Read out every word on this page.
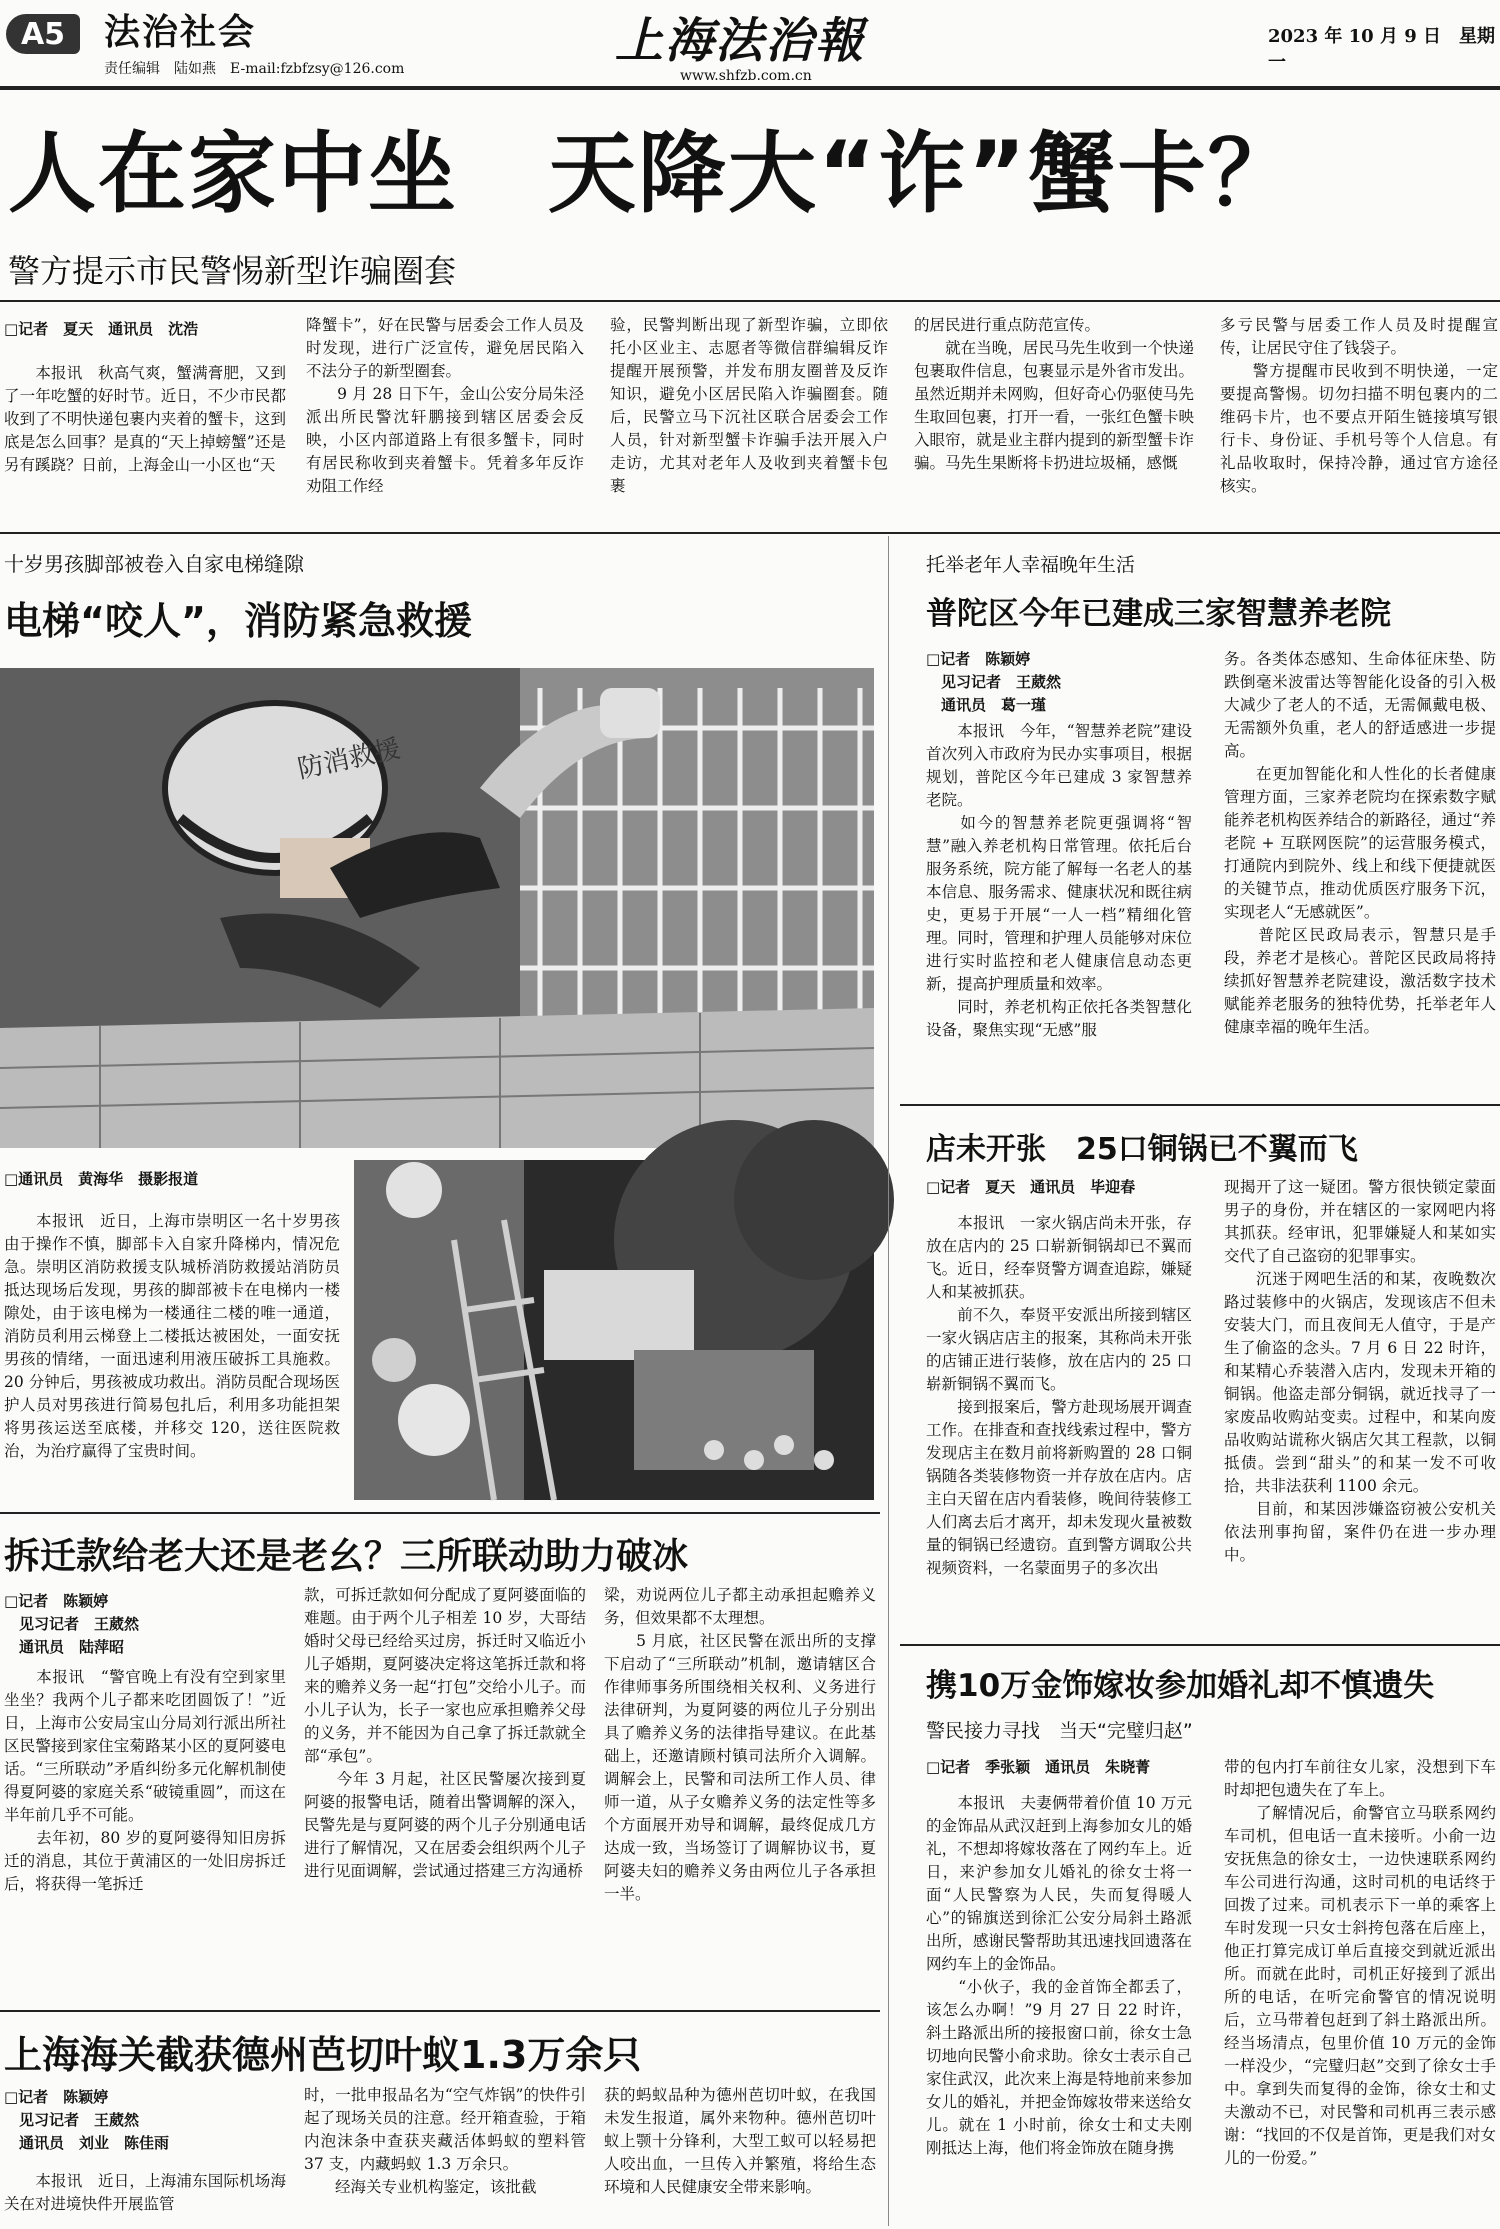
A5	法治社会
责任编辑　陆如燕　E-mail:fzbfzsy@126.com	上海法治報
www.shfzb.com.cn
2023 年 10 月 9 日　星期一
人在家中坐　天降大“诈”蟹卡？
警方提示市民警惕新型诈骗圈套
□记者　夏天　通讯员　沈浩
　　本报讯　秋高气爽，蟹满膏肥，又到了一年吃蟹的好时节。近日，不少市民都收到了不明快递包裹内夹着的蟹卡，这到底是怎么回事？是真的“天上掉螃蟹”还是另有蹊跷？日前，上海金山一小区也“天
降蟹卡”，好在民警与居委会工作人员及时发现，进行广泛宣传，避免居民陷入不法分子的新型圈套。
　　9 月 28 日下午，金山公安分局朱泾派出所民警沈轩鹏接到辖区居委会反映，小区内部道路上有很多蟹卡，同时有居民称收到夹着蟹卡。凭着多年反诈劝阻工作经
验，民警判断出现了新型诈骗，立即依托小区业主、志愿者等微信群编辑反诈提醒开展预警，并发布朋友圈普及反诈知识，避免小区居民陷入诈骗圈套。随后，民警立马下沉社区联合居委会工作人员，针对新型蟹卡诈骗手法开展入户走访，尤其对老年人及收到夹着蟹卡包裹
的居民进行重点防范宣传。
　　就在当晚，居民马先生收到一个快递包裹取件信息，包裹显示是外省市发出。虽然近期并未网购，但好奇心仍驱使马先生取回包裹，打开一看，一张红色蟹卡映入眼帘，就是业主群内提到的新型蟹卡诈骗。马先生果断将卡扔进垃圾桶，感慨
多亏民警与居委工作人员及时提醒宣传，让居民守住了钱袋子。
　　警方提醒市民收到不明快递，一定要提高警惕。切勿扫描不明包裹内的二维码卡片，也不要点开陌生链接填写银行卡、身份证、手机号等个人信息。有礼品收取时，保持冷静，通过官方途径核实。
十岁男孩脚部被卷入自家电梯缝隙
电梯“咬人”，消防紧急救援
防消救援
□通讯员　黄海华　摄影报道
　　本报讯　近日，上海市崇明区一名十岁男孩由于操作不慎，脚部卡入自家升降梯内，情况危急。崇明区消防救援支队城桥消防救援站消防员抵达现场后发现，男孩的脚部被卡在电梯内一楼隙处，由于该电梯为一楼通往二楼的唯一通道，消防员利用云梯登上二楼抵达被困处，一面安抚男孩的情绪，一面迅速利用液压破拆工具施救。20 分钟后，男孩被成功救出。消防员配合现场医护人员对男孩进行简易包扎后，利用多功能担架将男孩运送至底楼，并移交 120，送往医院救治，为治疗赢得了宝贵时间。
拆迁款给老大还是老幺？三所联动助力破冰
□记者　陈颖婷
　见习记者　王葳然
　通讯员　陆萍昭
　　本报讯　“警官晚上有没有空到家里坐坐？我两个儿子都来吃团圆饭了！”近日，上海市公安局宝山分局刘行派出所社区民警接到家住宝菊路某小区的夏阿婆电话。“三所联动”矛盾纠纷多元化解机制使得夏阿婆的家庭关系“破镜重圆”，而这在半年前几乎不可能。
　　去年初，80 岁的夏阿婆得知旧房拆迁的消息，其位于黄浦区的一处旧房拆迁后，将获得一笔拆迁
款，可拆迁款如何分配成了夏阿婆面临的难题。由于两个儿子相差 10 岁，大哥结婚时父母已经给买过房，拆迁时又临近小儿子婚期，夏阿婆决定将这笔拆迁款和将来的赡养义务一起“打包”交给小儿子。而小儿子认为，长子一家也应承担赡养父母的义务，并不能因为自己拿了拆迁款就全部“承包”。
　　今年 3 月起，社区民警屡次接到夏阿婆的报警电话，随着出警调解的深入，民警先是与夏阿婆的两个儿子分别通电话进行了解情况，又在居委会组织两个儿子进行见面调解，尝试通过搭建三方沟通桥
梁，劝说两位儿子都主动承担起赡养义务，但效果都不太理想。
　　5 月底，社区民警在派出所的支撑下启动了“三所联动”机制，邀请辖区合作律师事务所围绕相关权利、义务进行法律研判，为夏阿婆的两位儿子分别出具了赡养义务的法律指导建议。在此基础上，还邀请顾村镇司法所介入调解。调解会上，民警和司法所工作人员、律师一道，从子女赡养义务的法定性等多个方面展开劝导和调解，最终促成几方达成一致，当场签订了调解协议书，夏阿婆夫妇的赡养义务由两位儿子各承担一半。
上海海关截获德州芭切叶蚁1.3万余只
□记者　陈颖婷
　见习记者　王葳然
　通讯员　刘业　陈佳雨
　　本报讯　近日，上海浦东国际机场海关在对进境快件开展监管
时，一批申报品名为“空气炸锅”的快件引起了现场关员的注意。经开箱查验，于箱内泡沫条中查获夹藏活体蚂蚁的塑料管 37 支，内藏蚂蚁 1.3 万余只。
　　经海关专业机构鉴定，该批截
获的蚂蚁品种为德州芭切叶蚁，在我国未发生报道，属外来物种。德州芭切叶蚁上颚十分锋利，大型工蚁可以轻易把人咬出血，一旦传入并繁殖，将给生态环境和人民健康安全带来影响。
托举老年人幸福晚年生活
普陀区今年已建成三家智慧养老院
□记者　陈颖婷
　见习记者　王葳然
　通讯员　葛一瑾
　　本报讯　今年，“智慧养老院”建设首次列入市政府为民办实事项目，根据规划，普陀区今年已建成 3 家智慧养老院。
　　如今的智慧养老院更强调将“智慧”融入养老机构日常管理。依托后台服务系统，院方能了解每一名老人的基本信息、服务需求、健康状况和既往病史，更易于开展“一人一档”精细化管理。同时，管理和护理人员能够对床位进行实时监控和老人健康信息动态更新，提高护理质量和效率。
　　同时，养老机构正依托各类智慧化设备，聚焦实现“无感”服
务。各类体态感知、生命体征床垫、防跌倒毫米波雷达等智能化设备的引入极大减少了老人的不适，无需佩戴电极、无需额外负重，老人的舒适感进一步提高。
　　在更加智能化和人性化的长者健康管理方面，三家养老院均在探索数字赋能养老机构医养结合的新路径，通过“养老院 + 互联网医院”的运营服务模式，打通院内到院外、线上和线下便捷就医的关键节点，推动优质医疗服务下沉，实现老人“无感就医”。
　　普陀区民政局表示，智慧只是手段，养老才是核心。普陀区民政局将持续抓好智慧养老院建设，激活数字技术赋能养老服务的独特优势，托举老年人健康幸福的晚年生活。
店未开张　25口铜锅已不翼而飞
□记者　夏天　通讯员　毕迎春
　　本报讯　一家火锅店尚未开张，存放在店内的 25 口崭新铜锅却已不翼而飞。近日，经奉贤警方调查追踪，嫌疑人和某被抓获。
　　前不久，奉贤平安派出所接到辖区一家火锅店店主的报案，其称尚未开张的店铺正进行装修，放在店内的 25 口崭新铜锅不翼而飞。
　　接到报案后，警方赴现场展开调查工作。在排查和查找线索过程中，警方发现店主在数月前将新购置的 28 口铜锅随各类装修物资一并存放在店内。店主白天留在店内看装修，晚间待装修工人们离去后才离开，却未发现火量被数量的铜锅已经遗窃。直到警方调取公共视频资料，一名蒙面男子的多次出
现揭开了这一疑团。警方很快锁定蒙面男子的身份，并在辖区的一家网吧内将其抓获。经审讯，犯罪嫌疑人和某如实交代了自己盗窃的犯罪事实。
　　沉迷于网吧生活的和某，夜晚数次路过装修中的火锅店，发现该店不但未安装大门，而且夜间无人值守，于是产生了偷盗的念头。7 月 6 日 22 时许，和某精心乔装潜入店内，发现未开箱的铜锅。他盗走部分铜锅，就近找寻了一家废品收购站变卖。过程中，和某向废品收购站谎称火锅店欠其工程款，以铜抵债。尝到“甜头”的和某一发不可收拾，共非法获利 1100 余元。
　　目前，和某因涉嫌盗窃被公安机关依法刑事拘留，案件仍在进一步办理中。
携10万金饰嫁妆参加婚礼却不慎遗失
警民接力寻找　当天“完璧归赵”
□记者　季张颖　通讯员　朱晓菁
　　本报讯　夫妻俩带着价值 10 万元的金饰品从武汉赶到上海参加女儿的婚礼，不想却将嫁妆落在了网约车上。近日，来沪参加女儿婚礼的徐女士将一面“人民警察为人民，失而复得暖人心”的锦旗送到徐汇公安分局斜土路派出所，感谢民警帮助其迅速找回遗落在网约车上的金饰品。
　　“小伙子，我的金首饰全都丢了，该怎么办啊！”9 月 27 日 22 时许，斜土路派出所的接报窗口前，徐女士急切地向民警小俞求助。徐女士表示自己家住武汉，此次来上海是特地前来参加女儿的婚礼，并把金饰嫁妆带来送给女儿。就在 1 小时前，徐女士和丈夫刚刚抵达上海，他们将金饰放在随身携
带的包内打车前往女儿家，没想到下车时却把包遗失在了车上。
　　了解情况后，俞警官立马联系网约车司机，但电话一直未接听。小俞一边安抚焦急的徐女士，一边快速联系网约车公司进行沟通，这时司机的电话终于回拨了过来。司机表示下一单的乘客上车时发现一只女士斜挎包落在后座上，他正打算完成订单后直接交到就近派出所。而就在此时，司机正好接到了派出所的电话，在听完俞警官的情况说明后，立马带着包赶到了斜土路派出所。经当场清点，包里价值 10 万元的金饰一样没少，“完璧归赵”交到了徐女士手中。拿到失而复得的金饰，徐女士和丈夫激动不已，对民警和司机再三表示感谢：“找回的不仅是首饰，更是我们对女儿的一份爱。”
